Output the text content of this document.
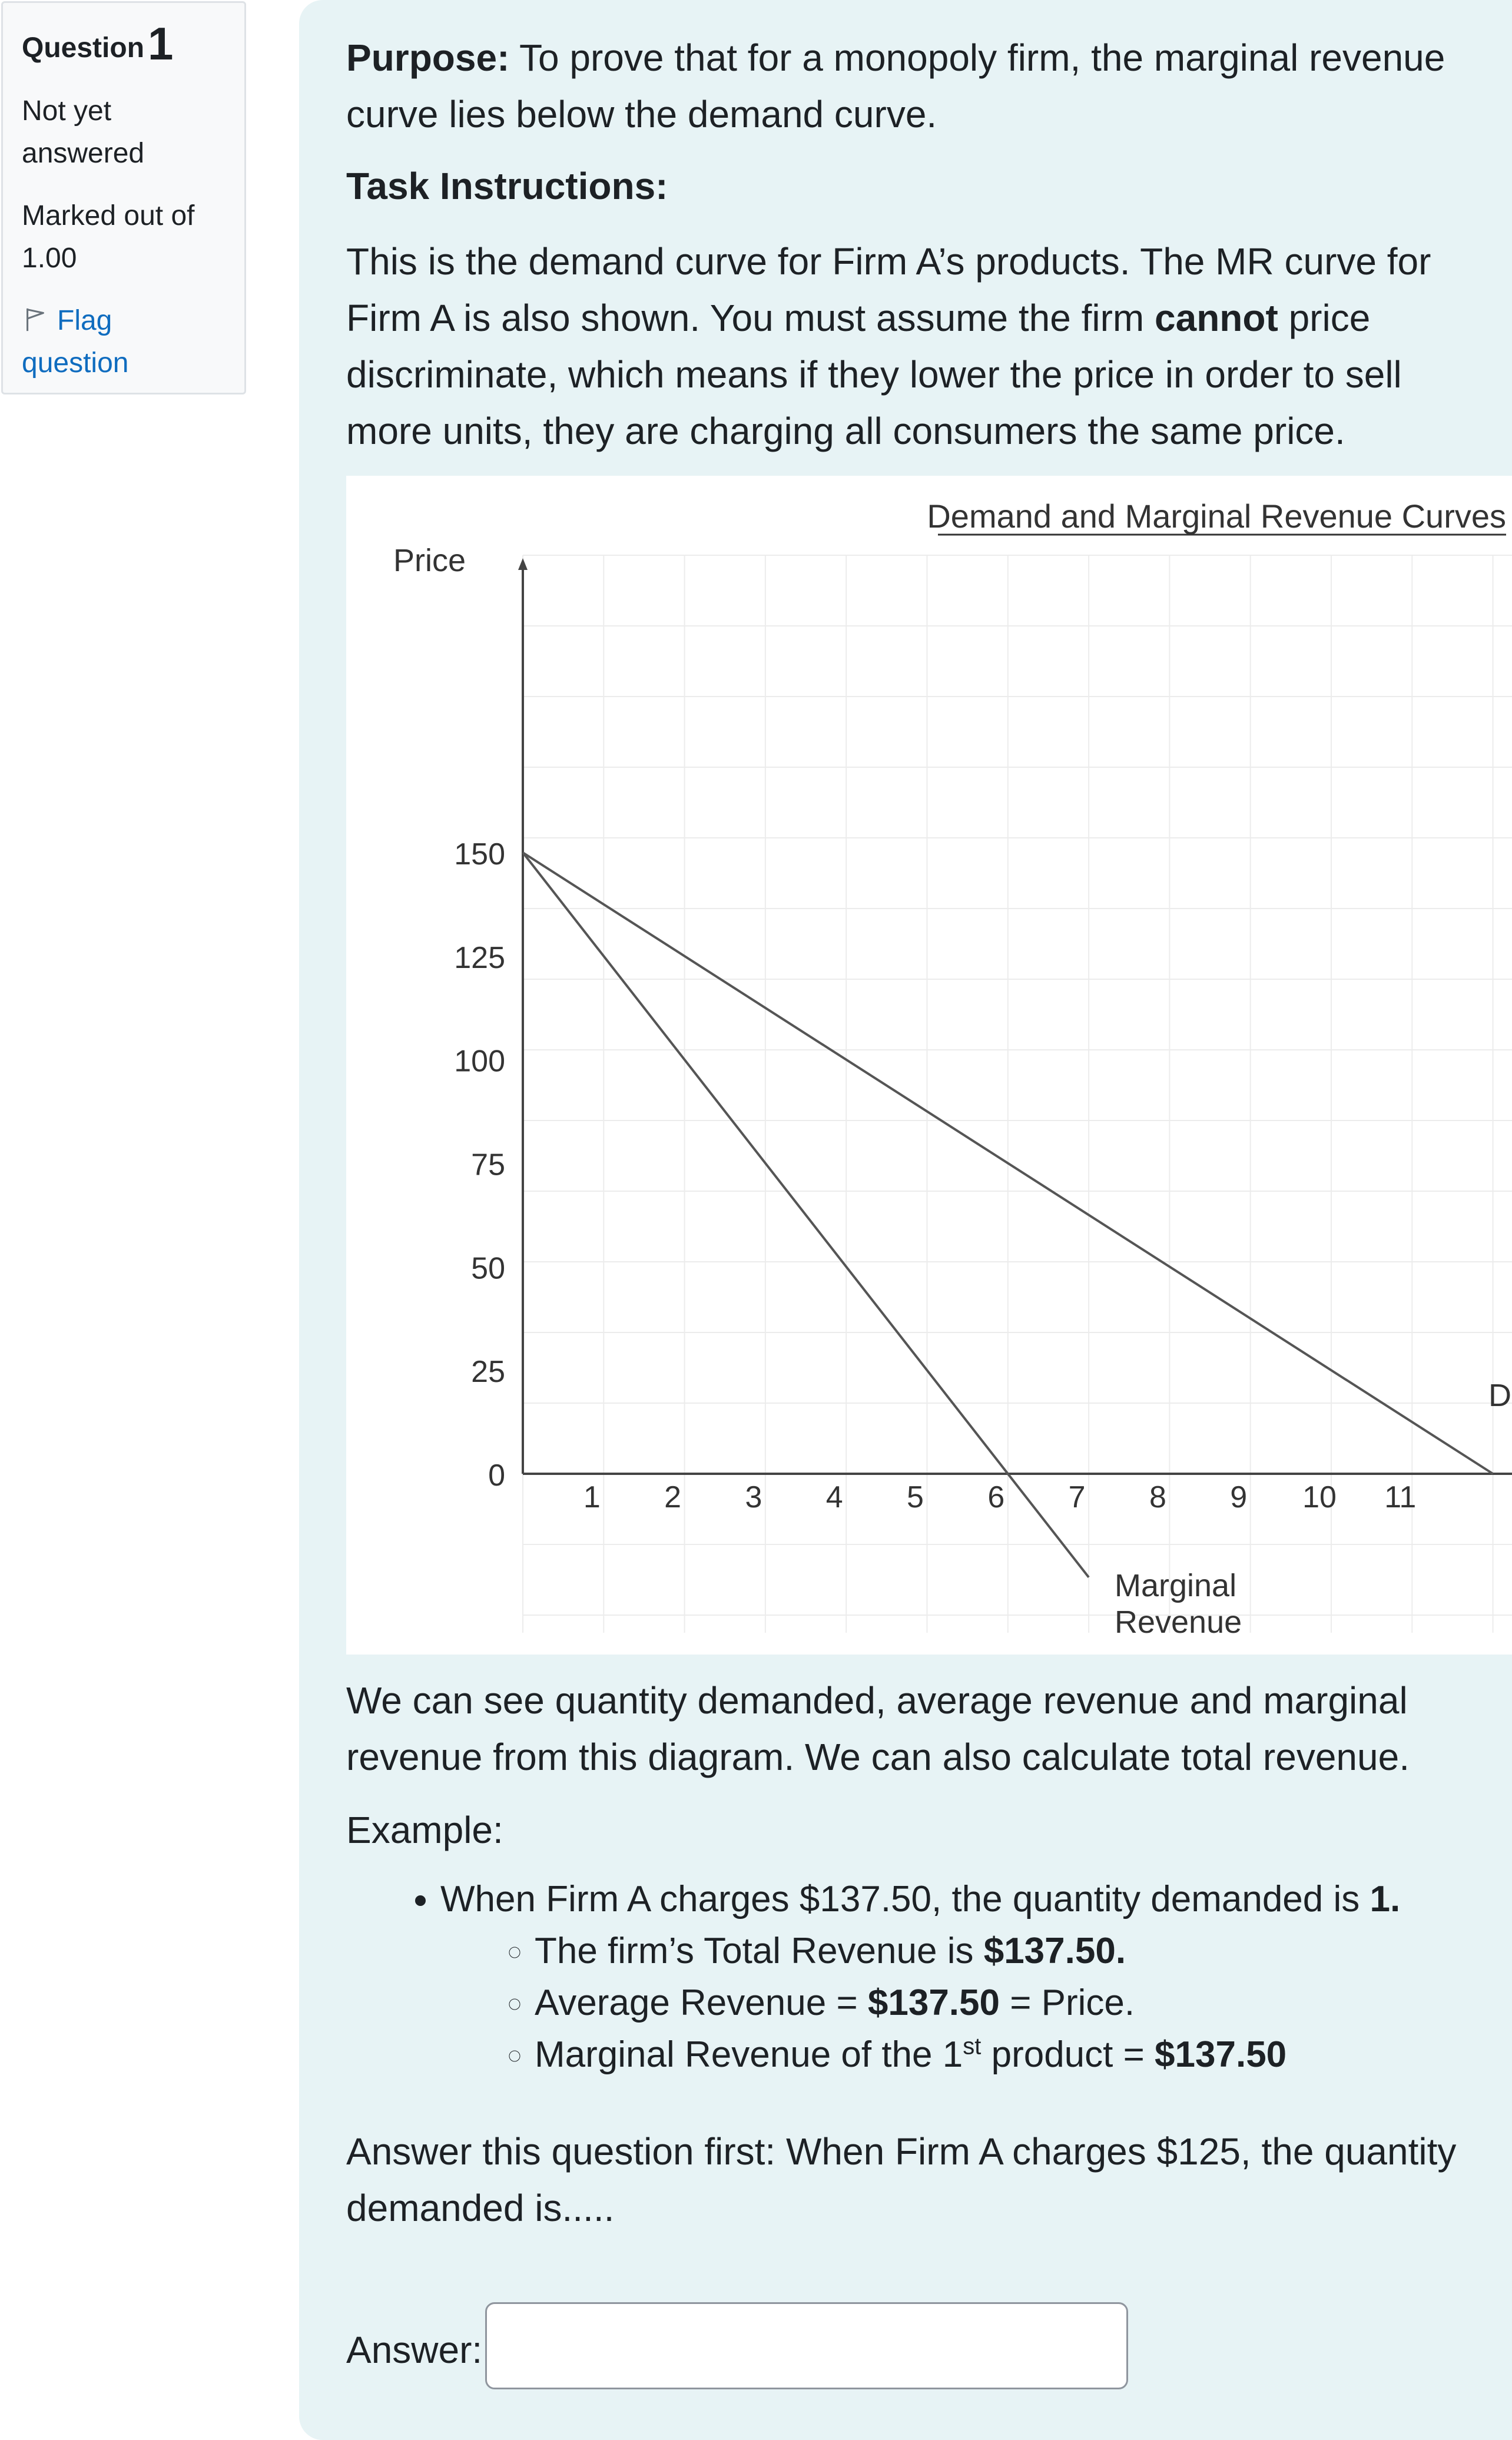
Question1
Not yet answered
Marked out of 1.00
Flag question

Purpose: To prove that for a monopoly firm, the marginal revenue curve lies below the demand curve.

Task Instructions:

This is the demand curve for Firm A’s products. The MR curve for Firm A is also shown. You must assume the firm cannot price discriminate, which means if they lower the price in order to sell more units, they are charging all consumers the same price.

Demand and Marginal Revenue Curves
Price
0
25
50
75
100
125
150
1 2 3 4 5 6 7 8 9 10 11
D
Marginal
Revenue

We can see quantity demanded, average revenue and marginal revenue from this diagram. We can also calculate total revenue.

Example:

• When Firm A charges $137.50, the quantity demanded is 1.
◦ The firm’s Total Revenue is $137.50.
◦ Average Revenue = $137.50 = Price.
◦ Marginal Revenue of the 1st product = $137.50

Answer this question first: When Firm A charges $125, the quantity demanded is.....

Answer:
